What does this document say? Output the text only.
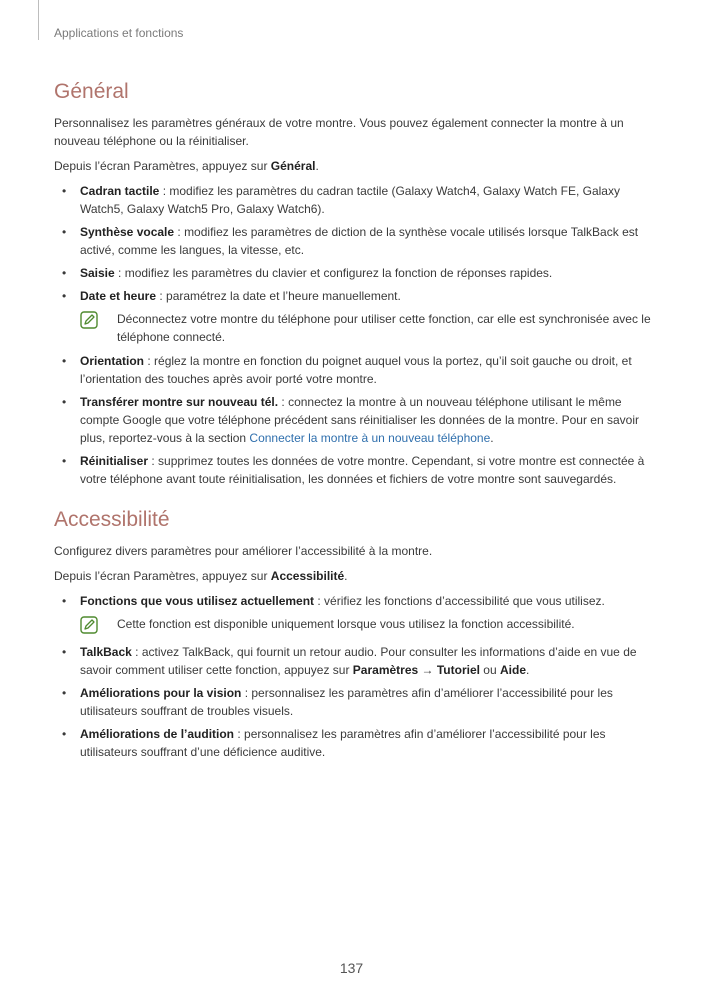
Applications et fonctions
Général

Personnalisez les paramètres généraux de votre montre. Vous pouvez également connecter la montre à un nouveau téléphone ou la réinitialiser.

Depuis l’écran Paramètres, appuyez sur Général.

• Cadran tactile : modifiez les paramètres du cadran tactile (Galaxy Watch4, Galaxy Watch FE, Galaxy Watch5, Galaxy Watch5 Pro, Galaxy Watch6).
• Synthèse vocale : modifiez les paramètres de diction de la synthèse vocale utilisés lorsque TalkBack est activé, comme les langues, la vitesse, etc.
• Saisie : modifiez les paramètres du clavier et configurez la fonction de réponses rapides.
• Date et heure : paramétrez la date et l’heure manuellement.
Déconnectez votre montre du téléphone pour utiliser cette fonction, car elle est synchronisée avec le téléphone connecté.
• Orientation : réglez la montre en fonction du poignet auquel vous la portez, qu’il soit gauche ou droit, et l’orientation des touches après avoir porté votre montre.
• Transférer montre sur nouveau tél. : connectez la montre à un nouveau téléphone utilisant le même compte Google que votre téléphone précédent sans réinitialiser les données de la montre. Pour en savoir plus, reportez-vous à la section Connecter la montre à un nouveau téléphone.
• Réinitialiser : supprimez toutes les données de votre montre. Cependant, si votre montre est connectée à votre téléphone avant toute réinitialisation, les données et fichiers de votre montre sont sauvegardés.
Accessibilité

Configurez divers paramètres pour améliorer l’accessibilité à la montre.

Depuis l’écran Paramètres, appuyez sur Accessibilité.

• Fonctions que vous utilisez actuellement : vérifiez les fonctions d’accessibilité que vous utilisez.
Cette fonction est disponible uniquement lorsque vous utilisez la fonction accessibilité.
• TalkBack : activez TalkBack, qui fournit un retour audio. Pour consulter les informations d’aide en vue de savoir comment utiliser cette fonction, appuyez sur Paramètres → Tutoriel ou Aide.
• Améliorations pour la vision : personnalisez les paramètres afin d’améliorer l’accessibilité pour les utilisateurs souffrant de troubles visuels.
• Améliorations de l’audition : personnalisez les paramètres afin d’améliorer l’accessibilité pour les utilisateurs souffrant d’une déficience auditive.
137
